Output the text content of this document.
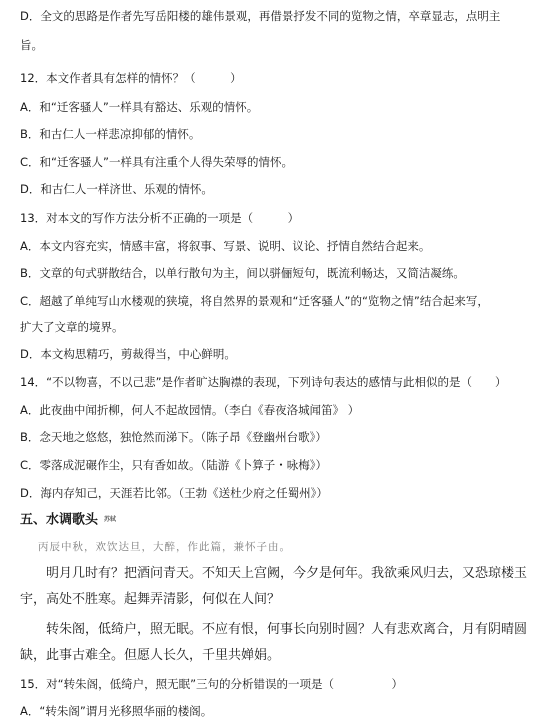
D．全文的思路是作者先写岳阳楼的雄伟景观，再借景抒发不同的览物之情，卒章显志，点明主
旨。
12．本文作者具有怎样的情怀？（　　　）
A．和“迁客骚人”一样具有豁达、乐观的情怀。
B．和古仁人一样悲凉抑郁的情怀。
C．和“迁客骚人”一样具有注重个人得失荣辱的情怀。
D．和古仁人一样济世、乐观的情怀。
13．对本文的写作方法分析不正确的一项是（　　　）
A．本文内容充实，情感丰富，将叙事、写景、说明、议论、抒情自然结合起来。
B．文章的句式骈散结合，以单行散句为主，间以骈俪短句，既流利畅达，又简洁凝练。
C．超越了单纯写山水楼观的狭境，将自然界的景观和“迁客骚人”的“览物之情”结合起来写，
扩大了文章的境界。
D．本文构思精巧，剪裁得当，中心鲜明。
14．“不以物喜，不以己悲”是作者旷达胸襟的表现，下列诗句表达的感情与此相似的是（　　）
A．此夜曲中闻折柳，何人不起故园情。（李白《春夜洛城闻笛》 ）
B．念天地之悠悠，独怆然而涕下。（陈子昂《登幽州台歌》）
C．零落成泥碾作尘，只有香如故。（陆游《卜算子・咏梅》）
D．海内存知己，天涯若比邻。（王勃《送杜少府之任蜀州》）
五、水调歌头 苏轼
丙辰中秋，欢饮达旦，大醉，作此篇，兼怀子由。
明月几时有？把酒问青天。不知天上宫阙，今夕是何年。我欲乘风归去，又恐琼楼玉宇，高处不胜寒。起舞弄清影，何似在人间？
转朱阁，低绮户，照无眠。不应有恨，何事长向别时圆？人有悲欢离合，月有阴晴圆缺，此事古难全。但愿人长久，千里共婵娟。
15．对“转朱阁，低绮户，照无眠”三句的分析错误的一项是（　　　　　）
A．“转朱阁”谓月光移照华丽的楼阁。
